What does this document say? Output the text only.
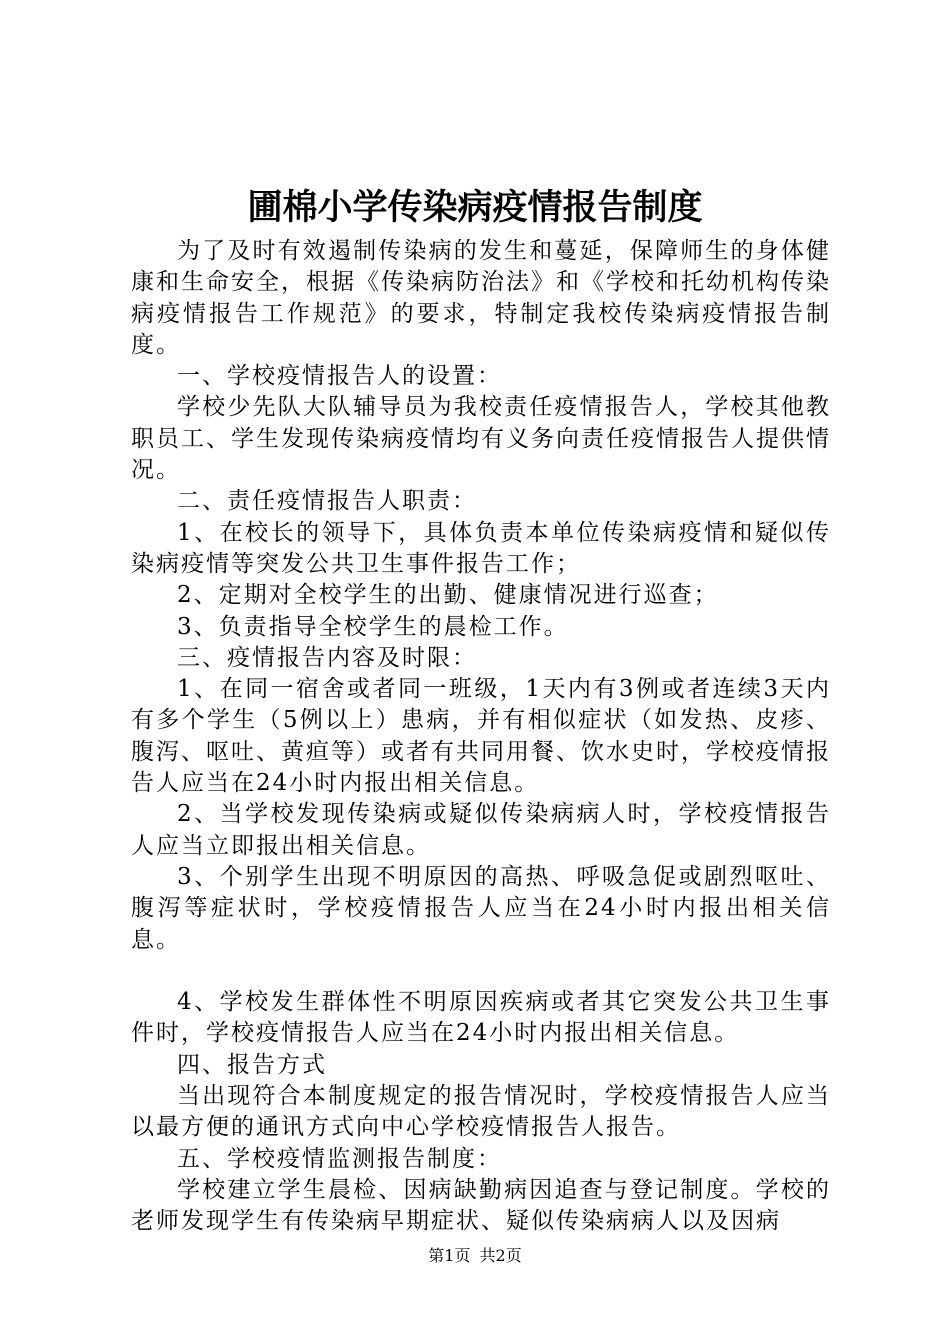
圃棉小学传染病疫情报告制度

为了及时有效遏制传染病的发生和蔓延，保障师生的身体健康和生命安全，根据《传染病防治法》和《学校和托幼机构传染病疫情报告工作规范》的要求，特制定我校传染病疫情报告制度。

一、学校疫情报告人的设置：

学校少先队大队辅导员为我校责任疫情报告人，学校其他教职员工、学生发现传染病疫情均有义务向责任疫情报告人提供情况。

二、责任疫情报告人职责：

1、在校长的领导下，具体负责本单位传染病疫情和疑似传染病疫情等突发公共卫生事件报告工作；

2、定期对全校学生的出勤、健康情况进行巡查；

3、负责指导全校学生的晨检工作。

三、疫情报告内容及时限：

1、在同一宿舍或者同一班级，1天内有3例或者连续3天内有多个学生（5例以上）患病，并有相似症状（如发热、皮疹、腹泻、呕吐、黄疸等）或者有共同用餐、饮水史时，学校疫情报告人应当在24小时内报出相关信息。

2、当学校发现传染病或疑似传染病病人时，学校疫情报告人应当立即报出相关信息。

3、个别学生出现不明原因的高热、呼吸急促或剧烈呕吐、腹泻等症状时，学校疫情报告人应当在24小时内报出相关信息。

4、学校发生群体性不明原因疾病或者其它突发公共卫生事件时，学校疫情报告人应当在24小时内报出相关信息。

四、报告方式

当出现符合本制度规定的报告情况时，学校疫情报告人应当以最方便的通讯方式向中心学校疫情报告人报告。

五、学校疫情监测报告制度：

学校建立学生晨检、因病缺勤病因追查与登记制度。学校的老师发现学生有传染病早期症状、疑似传染病病人以及因病

第1页 共2页
